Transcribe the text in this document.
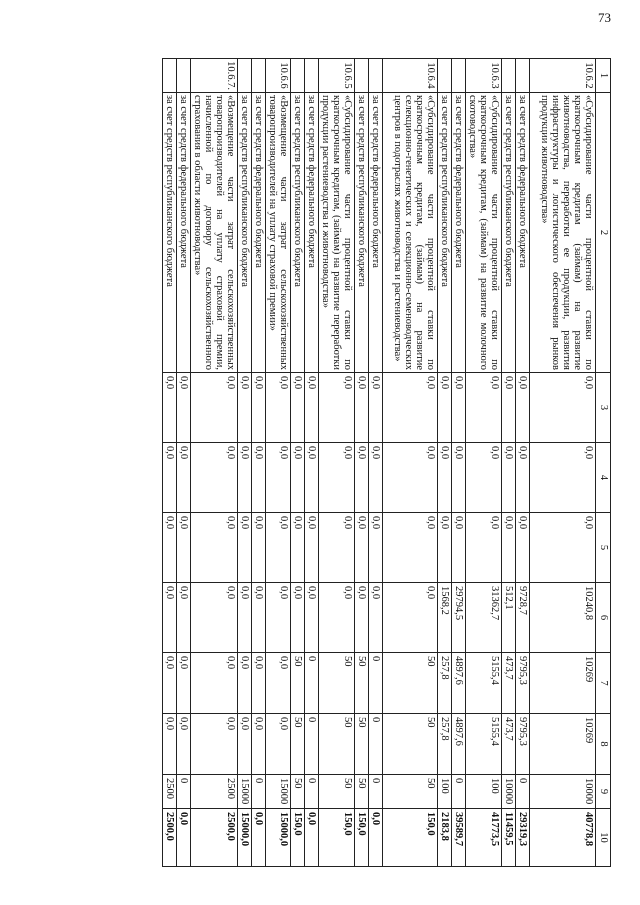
73
1	2	3	4	5	6	7	8	9	10
10.6.2	«Субсидирование части процентной ставки по краткосрочным кредитам (займам) на развитие животноводства, переработки ее продукции, развития инфраструктуры и логистического обеспечения рынков продукции животноводства»	0,0	0,0	0,0	10240,8	10269	10269	10000	40778,8
	за счет средств федерального бюджета	0,0	0,0	0,0	9728,7	9795,3	9795,3	0	29319,3
	за счет средств республиканского бюджета	0,0	0,0	0,0	512,1	473,7	473,7	10000	11459,5
10.6.3	«Субсидирование части процентной ставки по краткосрочным кредитам, (займам) на развитие молочного скотоводства»	0,0	0,0	0,0	31362,7	5155,4	5155,4	100	41773,5
	за счет средств федерального бюджета	0,0	0,0	0,0	29794,5	4897,6	4897,6	0	39589,7
	за счет средств республиканского бюджета	0,0	0,0	0,0	1568,2	257,8	257,8	100	2183,8
10.6.4	«Субсидирование части процентной ставки по краткосрочным кредитам, (займам) на развитие селекционно-генетических и селекционно-семеноводческих центров в подотраслях животноводства и растениеводства»	0,0	0,0	0,0	0,0	50	50	50	150,0
	за счет средств федерального бюджета	0,0	0,0	0,0	0,0	0	0	0	0,0
	за счет средств республиканского бюджета	0,0	0,0	0,0	0,0	50	50	50	150,0
10.6.5	«Субсидирование части процентной ставки по краткосрочным кредитам, (займам) на развитие переработки продукции растениеводства и животноводства»	0,0	0,0	0,0	0,0	50	50	50	150,0
	за счет средств федерального бюджета	0,0	0,0	0,0	0,0	0	0	0	0,0
	за счет средств республиканского бюджета	0,0	0,0	0,0	0,0	50	50	50	150,0
10.6.6	«Возмещение части затрат сельскохозяйственных товаропроизводителей на уплату страховой премии»	0,0	0,0	0,0	0,0	0,0	0,0	15000	15000,0
	за счет средств федерального бюджета	0,0	0,0	0,0	0,0	0,0	0,0	0	0,0
	за счет средств республиканского бюджета	0,0	0,0	0,0	0,0	0,0	0,0	15000	15000,0
10.6.7.	«Возмещение части затрат сельскохозяйственных товаропроизводителей на уплату страховой премии, начисленной по договору сельскохозяйственного страхования в области животноводства»	0,0	0,0	0,0	0,0	0,0	0,0	2500	2500,0
	за счет средств федерального бюджета	0,0	0,0	0,0	0,0	0,0	0,0	0	0,0
	за счет средств республиканского бюджета	0,0	0,0	0,0	0,0	0,0	0,0	2500	2500,0
